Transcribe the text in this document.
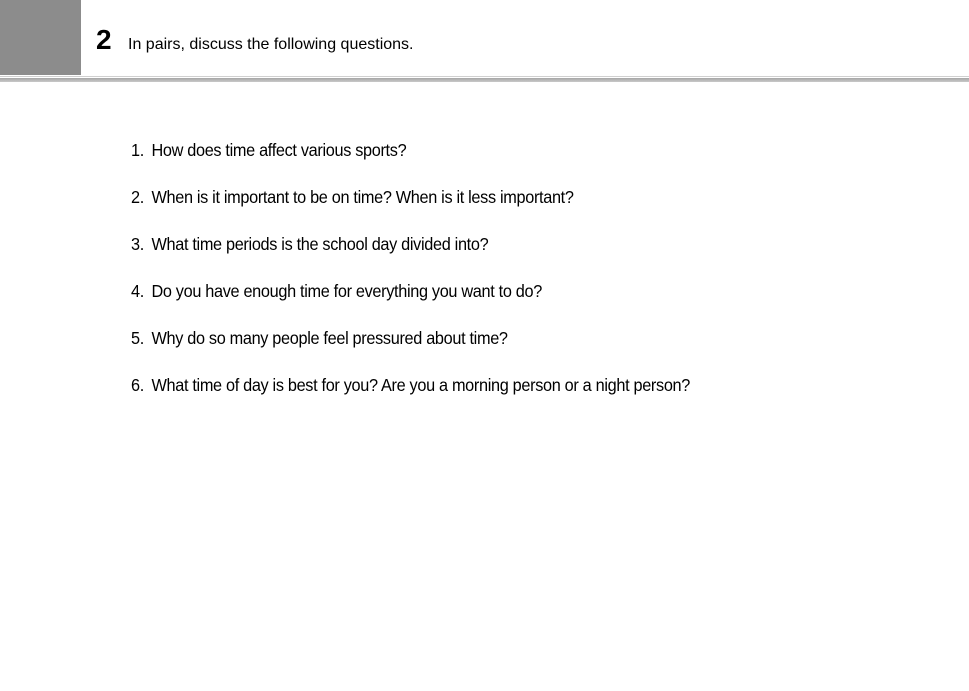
2 In pairs, discuss the following questions.
1. How does time affect various sports?
2. When is it important to be on time? When is it less important?
3. What time periods is the school day divided into?
4. Do you have enough time for everything you want to do?
5. Why do so many people feel pressured about time?
6. What time of day is best for you? Are you a morning person or a night person?
